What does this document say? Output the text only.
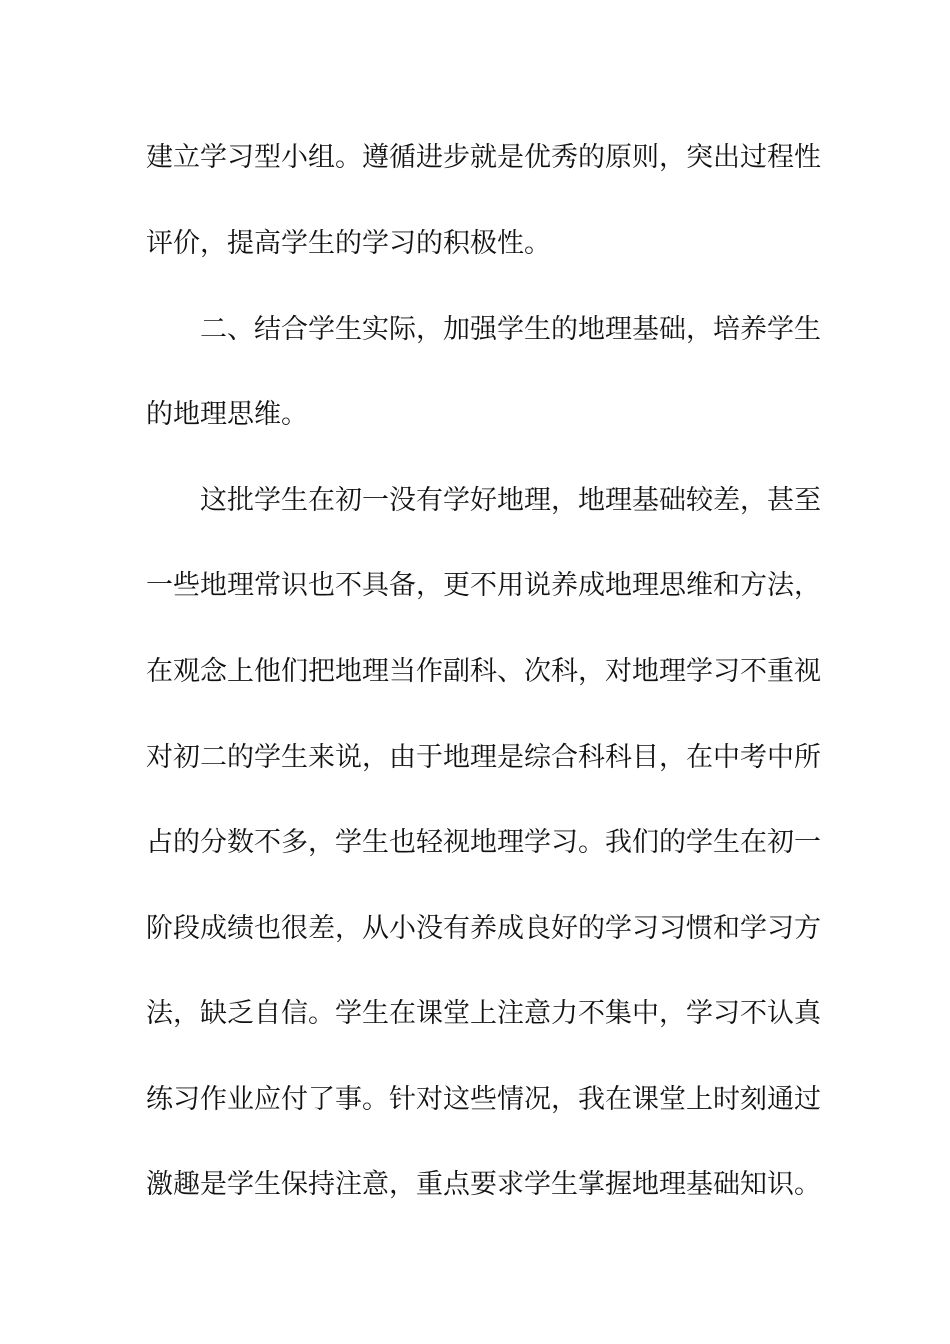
建立学习型小组。遵循进步就是优秀的原则，突出过程性
评价，提高学生的学习的积极性。
二、结合学生实际，加强学生的地理基础，培养学生
的地理思维。
这批学生在初一没有学好地理，地理基础较差，甚至
一些地理常识也不具备，更不用说养成地理思维和方法，
在观念上他们把地理当作副科、次科，对地理学习不重视
对初二的学生来说，由于地理是综合科科目，在中考中所
占的分数不多，学生也轻视地理学习。我们的学生在初一
阶段成绩也很差，从小没有养成良好的学习习惯和学习方
法，缺乏自信。学生在课堂上注意力不集中，学习不认真
练习作业应付了事。针对这些情况，我在课堂上时刻通过
激趣是学生保持注意，重点要求学生掌握地理基础知识。
